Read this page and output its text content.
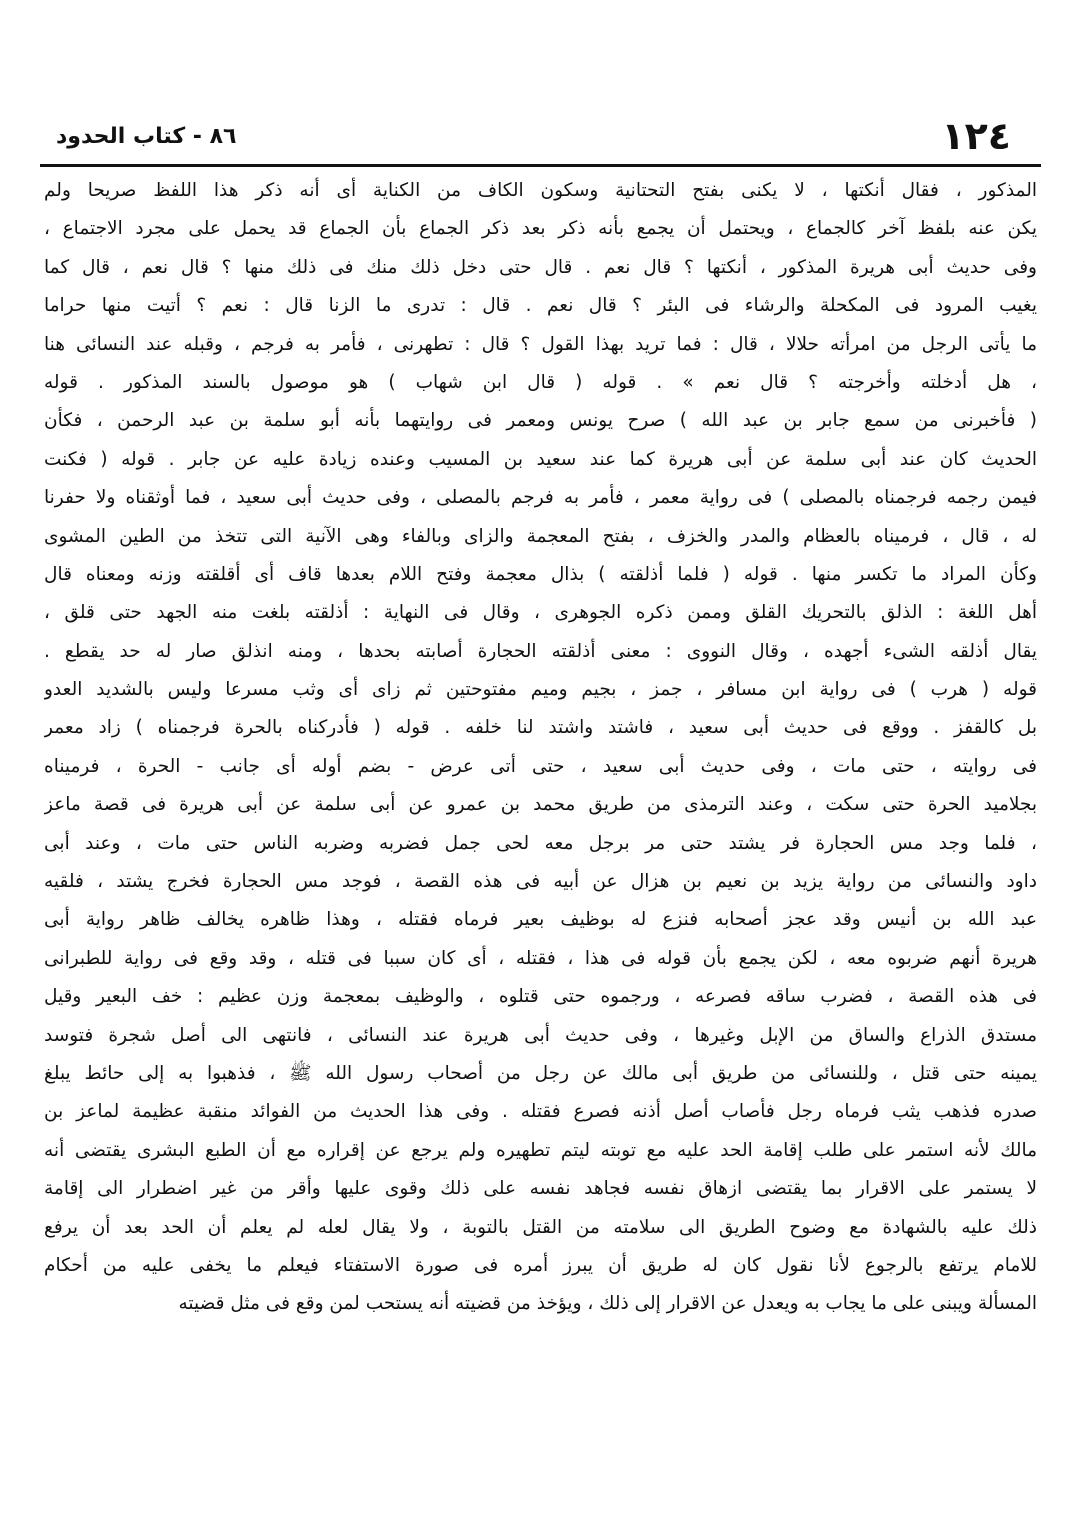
١٢٤
٨٦ - كتاب الحدود
المذكور ، فقال أنكتها ، لا يكنى بفتح التحتانية وسكون الكاف من الكناية أى أنه ذكر هذا اللفظ صريحا ولم
يكن عنه بلفظ آخر كالجماع ، ويحتمل أن يجمع بأنه ذكر بعد ذكر الجماع بأن الجماع قد يحمل على مجرد الاجتماع ،
وفى حديث أبى هريرة المذكور ، أنكتها ؟ قال نعم . قال حتى دخل ذلك منك فى ذلك منها ؟ قال نعم ، قال كما
يغيب المرود فى المكحلة والرشاء فى البئر ؟ قال نعم . قال : تدرى ما الزنا قال : نعم ؟ أتيت منها حراما
ما يأتى الرجل من امرأته حلالا ، قال : فما تريد بهذا القول ؟ قال : تطهرنى ، فأمر به فرجم ، وقبله عند النسائى هنا
، هل أدخلته وأخرجته ؟ قال نعم » . قوله ( قال ابن شهاب ) هو موصول بالسند المذكور . قوله
( فأخبرنى من سمع جابر بن عبد الله ) صرح يونس ومعمر فى روايتهما بأنه أبو سلمة بن عبد الرحمن ، فكأن
الحديث كان عند أبى سلمة عن أبى هريرة كما عند سعيد بن المسيب وعنده زيادة عليه عن جابر . قوله ( فكنت
فيمن رجمه فرجمناه بالمصلى ) فى رواية معمر ، فأمر به فرجم بالمصلى ، وفى حديث أبى سعيد ، فما أوثقناه ولا حفرنا
له ، قال ، فرميناه بالعظام والمدر والخزف ، بفتح المعجمة والزاى وبالفاء وهى الآنية التى تتخذ من الطين المشوى
وكأن المراد ما تكسر منها . قوله ( فلما أذلقته ) بذال معجمة وفتح اللام بعدها قاف أى أقلقته وزنه ومعناه قال
أهل اللغة : الذلق بالتحريك القلق وممن ذكره الجوهرى ، وقال فى النهاية : أذلقته بلغت منه الجهد حتى قلق ،
يقال أذلقه الشىء أجهده ، وقال النووى : معنى أذلقته الحجارة أصابته بحدها ، ومنه انذلق صار له حد يقطع .
قوله ( هرب ) فى رواية ابن مسافر ، جمز ، بجيم وميم مفتوحتين ثم زاى أى وثب مسرعا وليس بالشديد العدو
بل كالقفز . ووقع فى حديث أبى سعيد ، فاشتد واشتد لنا خلفه . قوله ( فأدركناه بالحرة فرجمناه ) زاد معمر
فى روايته ، حتى مات ، وفى حديث أبى سعيد ، حتى أتى عرض - بضم أوله أى جانب - الحرة ، فرميناه
بجلاميد الحرة حتى سكت ، وعند الترمذى من طريق محمد بن عمرو عن أبى سلمة عن أبى هريرة فى قصة ماعز
، فلما وجد مس الحجارة فر يشتد حتى مر برجل معه لحى جمل فضربه وضربه الناس حتى مات ، وعند أبى
داود والنسائى من رواية يزيد بن نعيم بن هزال عن أبيه فى هذه القصة ، فوجد مس الحجارة فخرج يشتد ، فلقيه
عبد الله بن أنيس وقد عجز أصحابه فنزع له بوظيف بعير فرماه فقتله ، وهذا ظاهره يخالف ظاهر رواية أبى
هريرة أنهم ضربوه معه ، لكن يجمع بأن قوله فى هذا ، فقتله ، أى كان سببا فى قتله ، وقد وقع فى رواية للطبرانى
فى هذه القصة ، فضرب ساقه فصرعه ، ورجموه حتى قتلوه ، والوظيف بمعجمة وزن عظيم : خف البعير وقيل
مستدق الذراع والساق من الإبل وغيرها ، وفى حديث أبى هريرة عند النسائى ، فانتهى الى أصل شجرة فتوسد
يمينه حتى قتل ، وللنسائى من طريق أبى مالك عن رجل من أصحاب رسول الله ﷺ ، فذهبوا به إلى حائط يبلغ
صدره فذهب يثب فرماه رجل فأصاب أصل أذنه فصرع فقتله . وفى هذا الحديث من الفوائد منقبة عظيمة لماعز بن
مالك لأنه استمر على طلب إقامة الحد عليه مع توبته ليتم تطهيره ولم يرجع عن إقراره مع أن الطبع البشرى يقتضى أنه
لا يستمر على الاقرار بما يقتضى ازهاق نفسه فجاهد نفسه على ذلك وقوى عليها وأقر من غير اضطرار الى إقامة
ذلك عليه بالشهادة مع وضوح الطريق الى سلامته من القتل بالتوبة ، ولا يقال لعله لم يعلم أن الحد بعد أن يرفع
للامام يرتفع بالرجوع لأنا نقول كان له طريق أن يبرز أمره فى صورة الاستفتاء فيعلم ما يخفى عليه من أحكام
المسألة ويبنى على ما يجاب به ويعدل عن الاقرار إلى ذلك ، ويؤخذ من قضيته أنه يستحب لمن وقع فى مثل قضيته
